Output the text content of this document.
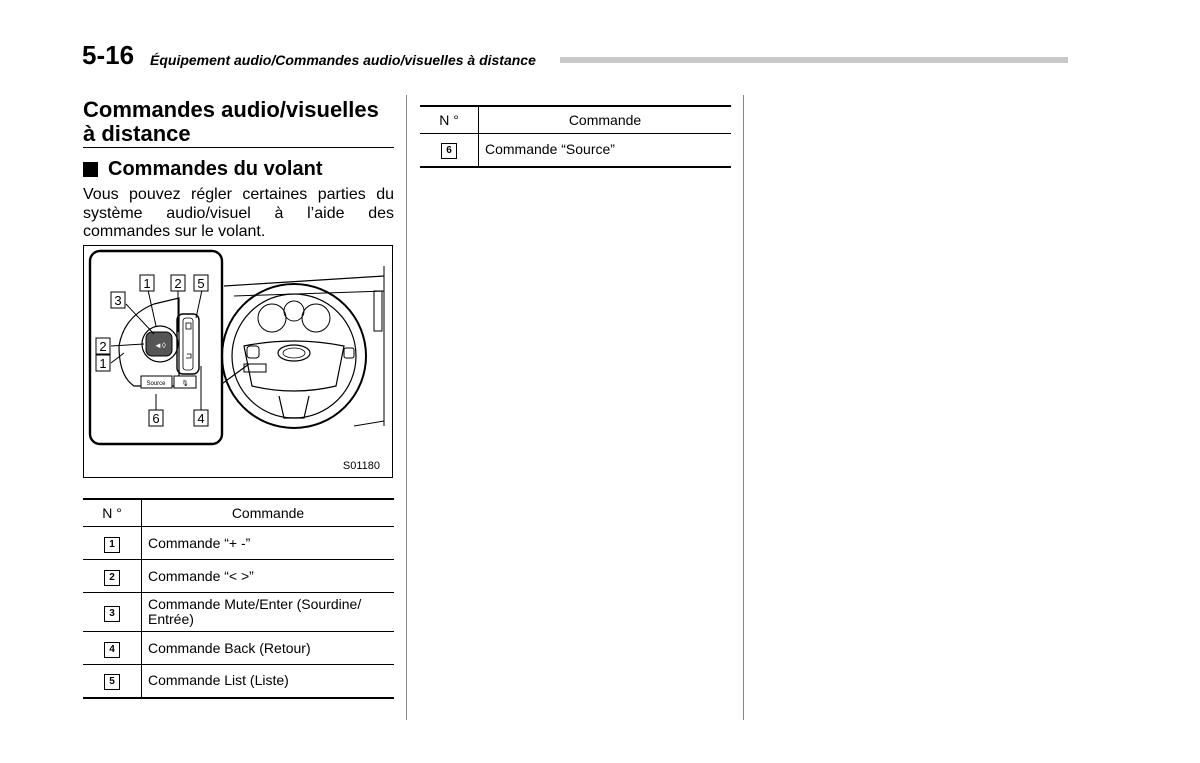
5-16 Équipement audio/Commandes audio/visuelles à distance
Commandes audio/visuelles à distance
Commandes du volant
Vous pouvez régler certaines parties du système audio/visuel à l’aide des commandes sur le volant.
◄◊
Source	🎙
1 2 5
3
2
1
6	4
S01180
N °	Commande
1	Commande “+ -”
2	Commande “< >”
3	Commande Mute/Enter (Sourdine/ Entrée)
4	Commande Back (Retour)
5	Commande List (Liste)
N °	Commande
6	Commande “Source”
